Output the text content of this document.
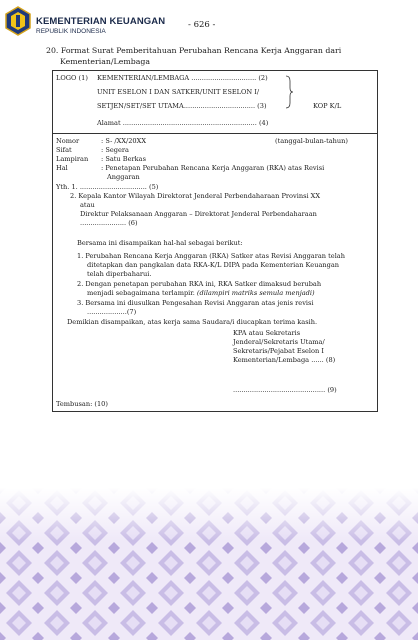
KEMENTERIAN KEUANGAN
REPUBLIK INDONESIA
- 626 -
20. Format Surat Pemberitahuan Perubahan Rencana Kerja Anggaran dari
Kementerian/Lembaga
LOGO (1) KEMENTERIAN/LEMBAGA ............................... (2)
UNIT ESELON I DAN SATKER/UNIT ESELON I/
SETJEN/SET/SET UTAMA.................................. (3)	KOP K/L
Alamat ................................................................ (4)
Nomor	: S- /XX/20XX	(tanggal-bulan-tahun)
Sifat	: Segera
Lampiran : Satu Berkas
Hal	: Penetapan Perubahan Rencana Kerja Anggaran (RKA) atas Revisi
Anggaran
Yth. 1. ................................ (5)
2. Kepala Kantor Wilayah Direktorat Jenderal Perbendaharaan Provinsi XX
atau
Direktur Pelaksanaan Anggaran – Direktorat Jenderal Perbendaharaan
...................... (6)
Bersama ini disampaikan hal-hal sebagai berikut:
1. Perubahan Rencana Kerja Anggaran (RKA) Satker atas Revisi Anggaran telah
ditetapkan dan pangkalan data RKA-K/L DIPA pada Kementerian Keuangan
telah diperbaharui.
2. Dengan penetapan perubahan RKA ini, RKA Satker dimaksud berubah
menjadi sebagaimana terlampir. (dilampiri matriks semula menjadi)
3. Bersama ini diusulkan Pengesahan Revisi Anggaran atas jenis revisi
...................(7)
Demikian disampaikan, atas kerja sama Saudara/i diucapkan terima kasih.
KPA atau Sekretaris
Jenderal/Sekretaris Utama/
Sekretaris/Pejabat Eselon I
Kementerian/Lembaga ...... (8)
............................................ (9)
Tembusan: (10)
